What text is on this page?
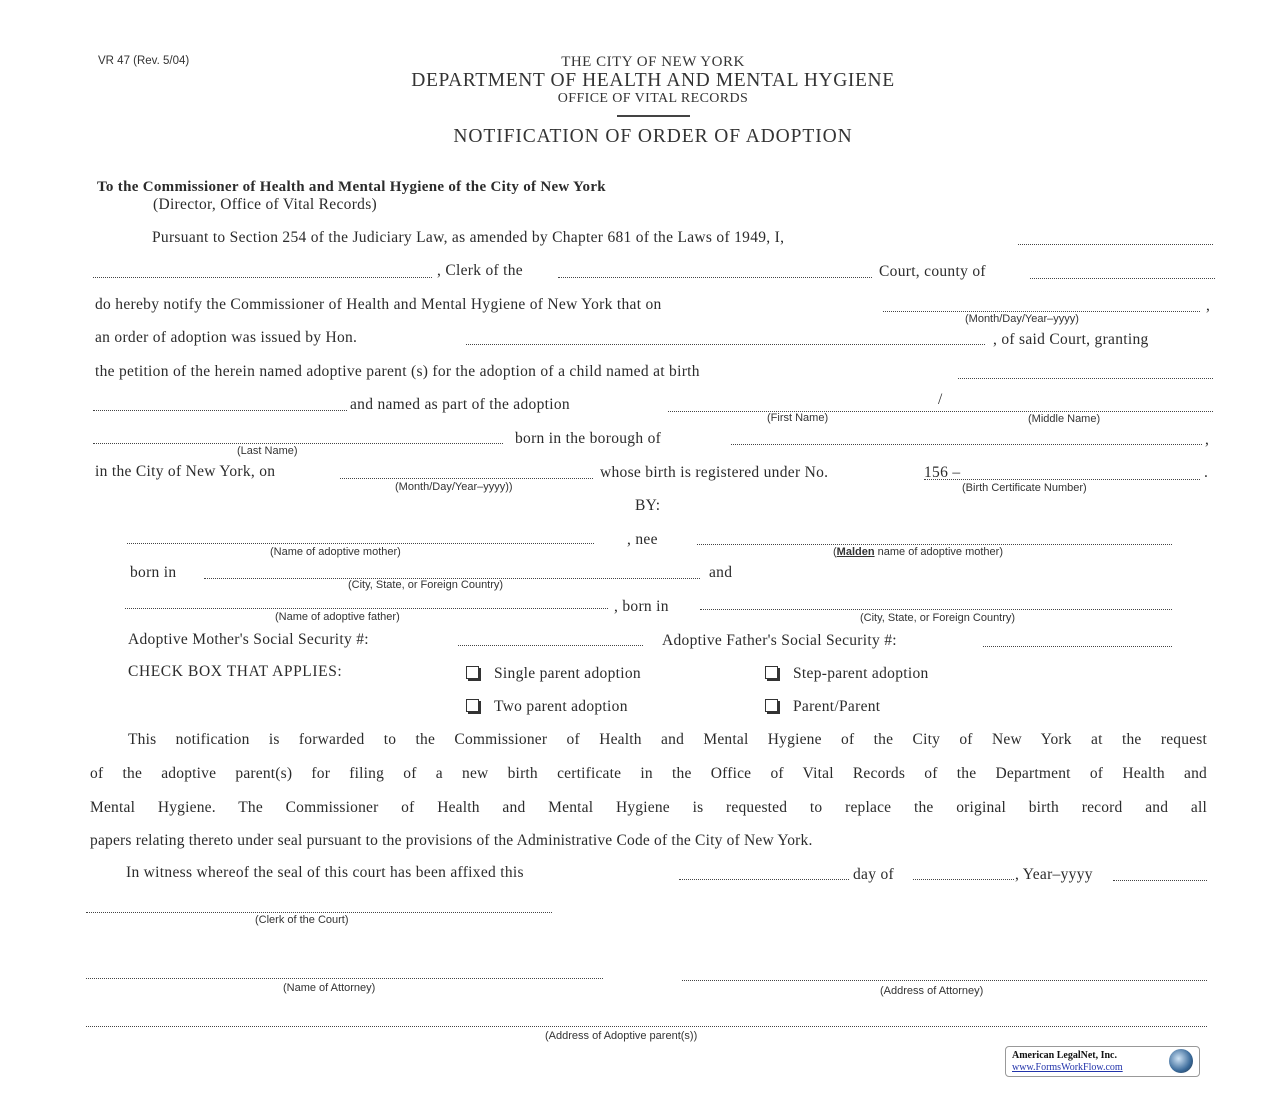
VR 47 (Rev. 5/04)	THE CITY OF NEW YORK
DEPARTMENT OF HEALTH AND MENTAL HYGIENE
OFFICE OF VITAL RECORDS
NOTIFICATION OF ORDER OF ADOPTION
To the Commissioner of Health and Mental Hygiene of the City of New York
(Director, Office of Vital Records)
Pursuant to Section 254 of the Judiciary Law, as amended by Chapter 681 of the Laws of 1949, I,
, Clerk of the	Court, county of
do hereby notify the Commissioner of Health and Mental Hygiene of New York that on	,
(Month/Day/Year–yyyy)
an order of adoption was issued by Hon.	, of said Court, granting
the petition of the herein named adoptive parent (s) for the adoption of a child named at birth
and named as part of the adoption	/
(First Name)	(Middle Name)
born in the borough of	,
(Last Name)
in the City of New York, on	whose birth is registered under No.	156 –	.
(Month/Day/Year–yyyy))	(Birth Certificate Number)
BY:
, nee
(Name of adoptive mother)	(Malden name of adoptive mother)
born in	and
(City, State, or Foreign Country)
, born in
(Name of adoptive father)	(City, State, or Foreign Country)
Adoptive Mother's Social Security #:	Adoptive Father's Social Security #:
CHECK BOX THAT APPLIES:	Single parent adoption	Step-parent adoption
Two parent adoption	Parent/Parent
This notification is forwarded to the Commissioner of Health and Mental Hygiene of the City of New York at the request
of the adoptive parent(s) for filing of a new birth certificate in the Office of Vital Records of the Department of Health and
Mental Hygiene. The Commissioner of Health and Mental Hygiene is requested to replace the original birth record and all
papers relating thereto under seal pursuant to the provisions of the Administrative Code of the City of New York.
In witness whereof the seal of this court has been affixed this	day of	, Year–yyyy
(Clerk of the Court)
(Name of Attorney)	(Address of Attorney)
(Address of Adoptive parent(s))
American LegalNet, Inc.
www.FormsWorkFlow.com
